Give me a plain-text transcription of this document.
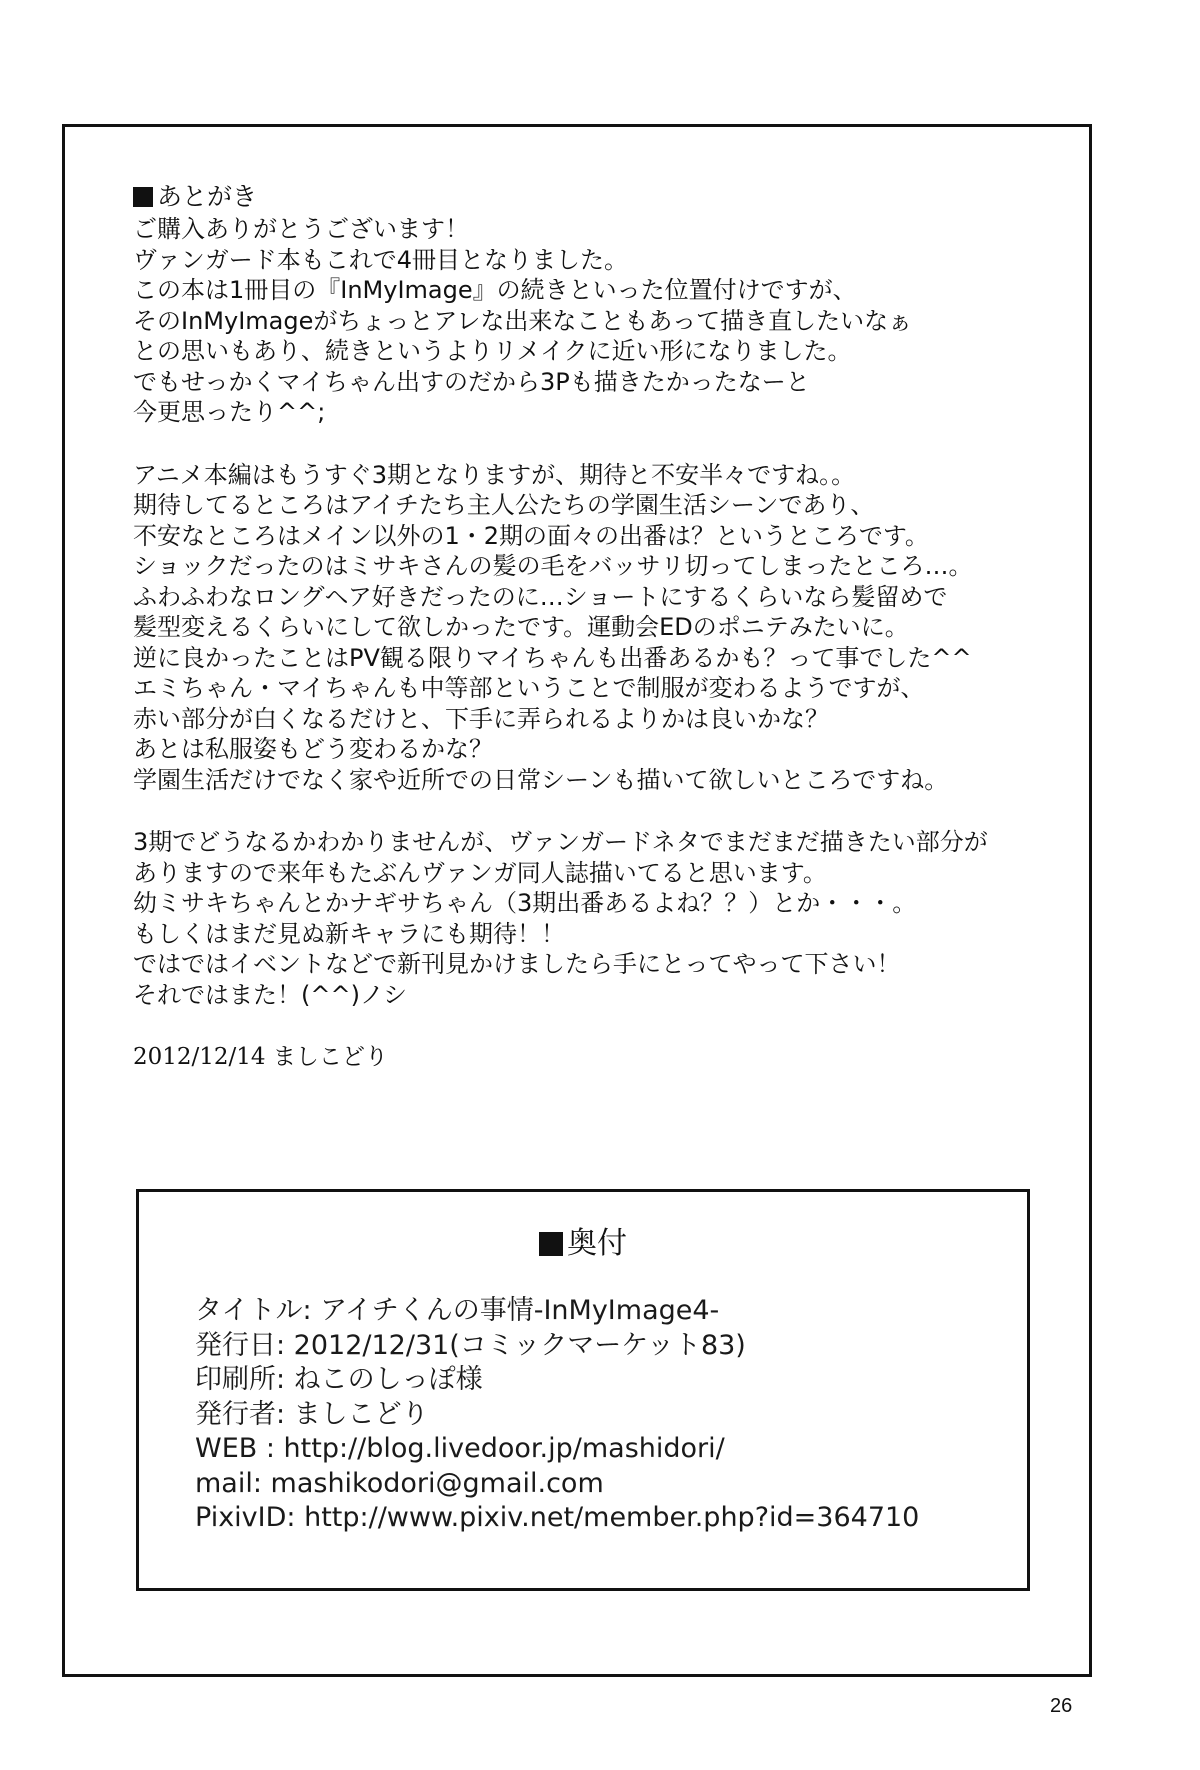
あとがき
ご購入ありがとうございます！
ヴァンガード本もこれで4冊目となりました。
この本は1冊目の『InMyImage』の続きといった位置付けですが、
そのInMyImageがちょっとアレな出来なこともあって描き直したいなぁ
との思いもあり、続きというよりリメイクに近い形になりました。
でもせっかくマイちゃん出すのだから3Pも描きたかったなーと
今更思ったり^^;
アニメ本編はもうすぐ3期となりますが、期待と不安半々ですね。。
期待してるところはアイチたち主人公たちの学園生活シーンであり、
不安なところはメイン以外の1・2期の面々の出番は？というところです。
ショックだったのはミサキさんの髪の毛をバッサリ切ってしまったところ…。
ふわふわなロングヘア好きだったのに…ショートにするくらいなら髪留めで
髪型変えるくらいにして欲しかったです。運動会EDのポニテみたいに。
逆に良かったことはPV観る限りマイちゃんも出番あるかも？って事でした^^
エミちゃん・マイちゃんも中等部ということで制服が変わるようですが、
赤い部分が白くなるだけと、下手に弄られるよりかは良いかな？
あとは私服姿もどう変わるかな？
学園生活だけでなく家や近所での日常シーンも描いて欲しいところですね。
3期でどうなるかわかりませんが、ヴァンガードネタでまだまだ描きたい部分が
ありますので来年もたぶんヴァンガ同人誌描いてると思います。
幼ミサキちゃんとかナギサちゃん（3期出番あるよね？？）とか・・・。
もしくはまだ見ぬ新キャラにも期待！！
ではではイベントなどで新刊見かけましたら手にとってやって下さい！
それではまた！(^^)ノシ
2012/12/14 ましこどり
奥付
タイトル: アイチくんの事情-InMyImage4-
発行日: 2012/12/31(コミックマーケット83)
印刷所: ねこのしっぽ様
発行者: ましこどり
WEB : http://blog.livedoor.jp/mashidori/
mail: mashikodori@gmail.com
PixivID: http://www.pixiv.net/member.php?id=364710
26
